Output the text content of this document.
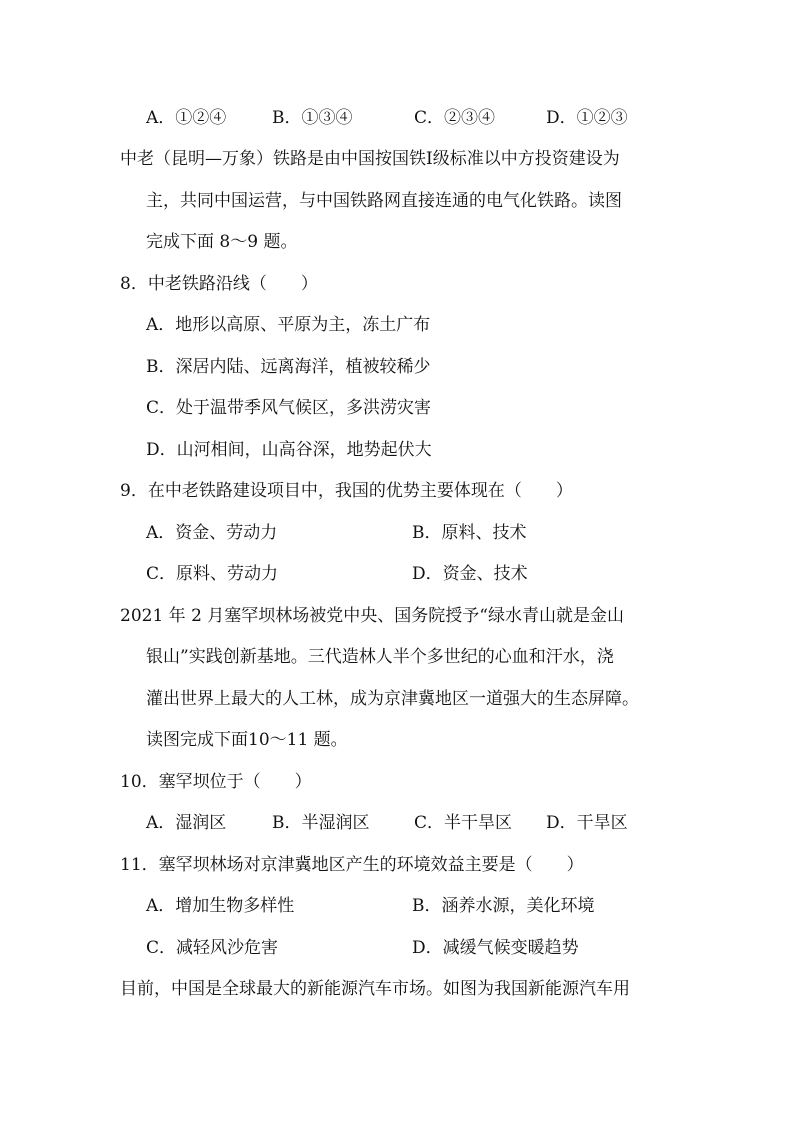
A．①②④	B．①③④	C．②③④	D．①②③
中老（昆明—万象）铁路是由中国按国铁Ⅰ级标准以中方投资建设为
主，共同中国运营，与中国铁路网直接连通的电气化铁路。读图
完成下面 8～9 题。
8．中老铁路沿线（　　）
A．地形以高原、平原为主，冻土广布
B．深居内陆、远离海洋，植被较稀少
C．处于温带季风气候区，多洪涝灾害
D．山河相间，山高谷深，地势起伏大
9．在中老铁路建设项目中，我国的优势主要体现在（　　）
A．资金、劳动力	B．原料、技术
C．原料、劳动力	D．资金、技术
2021 年 2 月塞罕坝林场被党中央、国务院授予“绿水青山就是金山
银山”实践创新基地。三代造林人半个多世纪的心血和汗水，浇
灌出世界上最大的人工林，成为京津冀地区一道强大的生态屏障。
读图完成下面10～11 题。
10．塞罕坝位于（　　）
A．湿润区	B．半湿润区	C．半干旱区 D．干旱区
11．塞罕坝林场对京津冀地区产生的环境效益主要是（　　）
A．增加生物多样性	B．涵养水源，美化环境
C．减轻风沙危害	D．减缓气候变暖趋势
目前，中国是全球最大的新能源汽车市场。如图为我国新能源汽车用
